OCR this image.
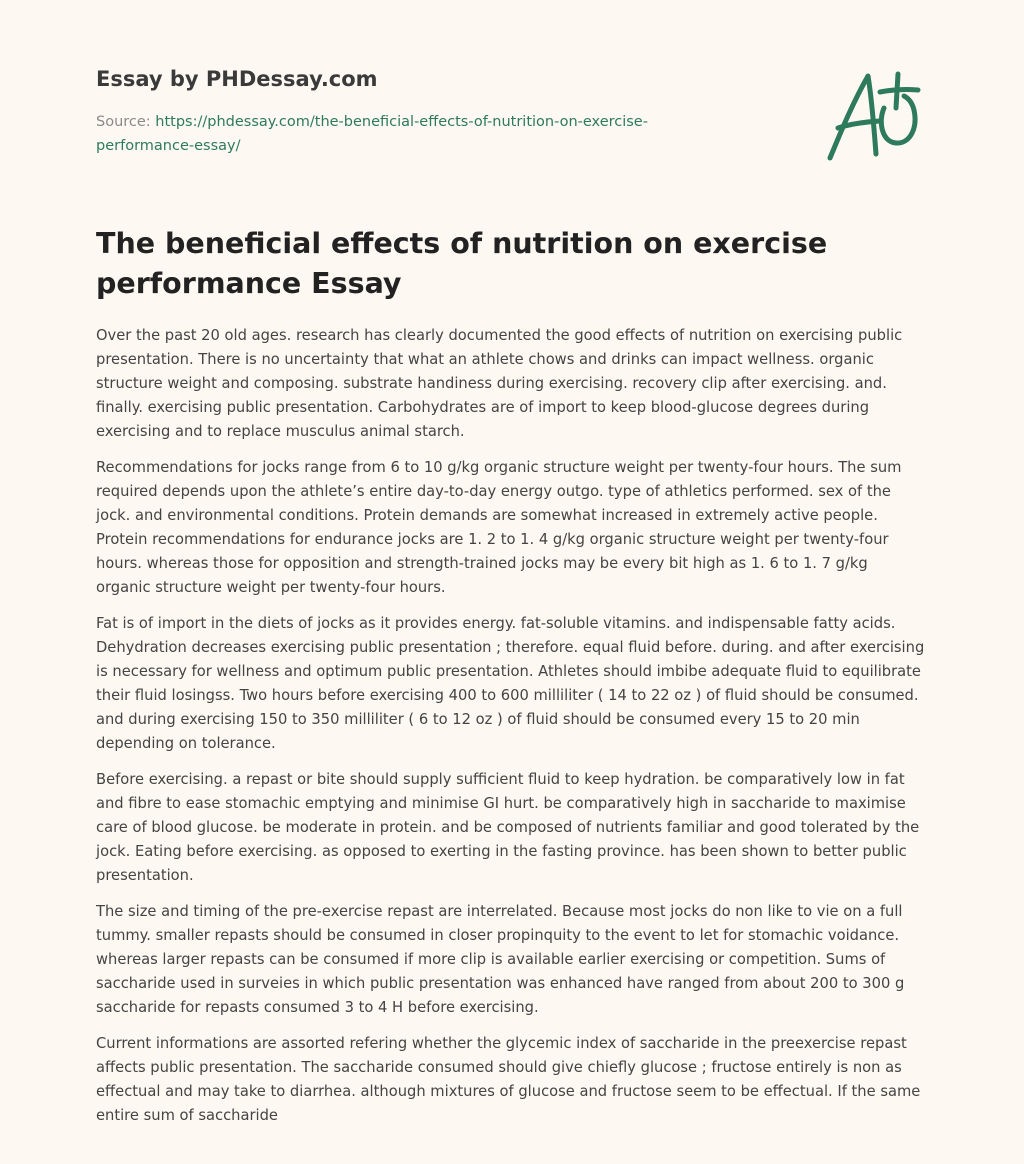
Essay by PHDessay.com
Source: https://phdessay.com/the-beneficial-effects-of-nutrition-on-exercise-performance-essay/
The beneficial effects of nutrition on exercise performance Essay

Over the past 20 old ages. research has clearly documented the good effects of nutrition on exercising public presentation. There is no uncertainty that what an athlete chows and drinks can impact wellness. organic structure weight and composing. substrate handiness during exercising. recovery clip after exercising. and. finally. exercising public presentation. Carbohydrates are of import to keep blood-glucose degrees during exercising and to replace musculus animal starch.

Recommendations for jocks range from 6 to 10 g/kg organic structure weight per twenty-four hours. The sum required depends upon the athlete’s entire day-to-day energy outgo. type of athletics performed. sex of the jock. and environmental conditions. Protein demands are somewhat increased in extremely active people. Protein recommendations for endurance jocks are 1. 2 to 1. 4 g/kg organic structure weight per twenty-four hours. whereas those for opposition and strength-trained jocks may be every bit high as 1. 6 to 1. 7 g/kg organic structure weight per twenty-four hours.

Fat is of import in the diets of jocks as it provides energy. fat-soluble vitamins. and indispensable fatty acids. Dehydration decreases exercising public presentation ; therefore. equal fluid before. during. and after exercising is necessary for wellness and optimum public presentation. Athletes should imbibe adequate fluid to equilibrate their fluid losingss. Two hours before exercising 400 to 600 milliliter ( 14 to 22 oz ) of fluid should be consumed. and during exercising 150 to 350 milliliter ( 6 to 12 oz ) of fluid should be consumed every 15 to 20 min depending on tolerance.

Before exercising. a repast or bite should supply sufficient fluid to keep hydration. be comparatively low in fat and fibre to ease stomachic emptying and minimise GI hurt. be comparatively high in saccharide to maximise care of blood glucose. be moderate in protein. and be composed of nutrients familiar and good tolerated by the jock. Eating before exercising. as opposed to exerting in the fasting province. has been shown to better public presentation.

The size and timing of the pre-exercise repast are interrelated. Because most jocks do non like to vie on a full tummy. smaller repasts should be consumed in closer propinquity to the event to let for stomachic voidance. whereas larger repasts can be consumed if more clip is available earlier exercising or competition. Sums of saccharide used in surveies in which public presentation was enhanced have ranged from about 200 to 300 g saccharide for repasts consumed 3 to 4 H before exercising.

Current informations are assorted refering whether the glycemic index of saccharide in the preexercise repast affects public presentation. The saccharide consumed should give chiefly glucose ; fructose entirely is non as effectual and may take to diarrhea. although mixtures of glucose and fructose seem to be effectual. If the same entire sum of saccharide
